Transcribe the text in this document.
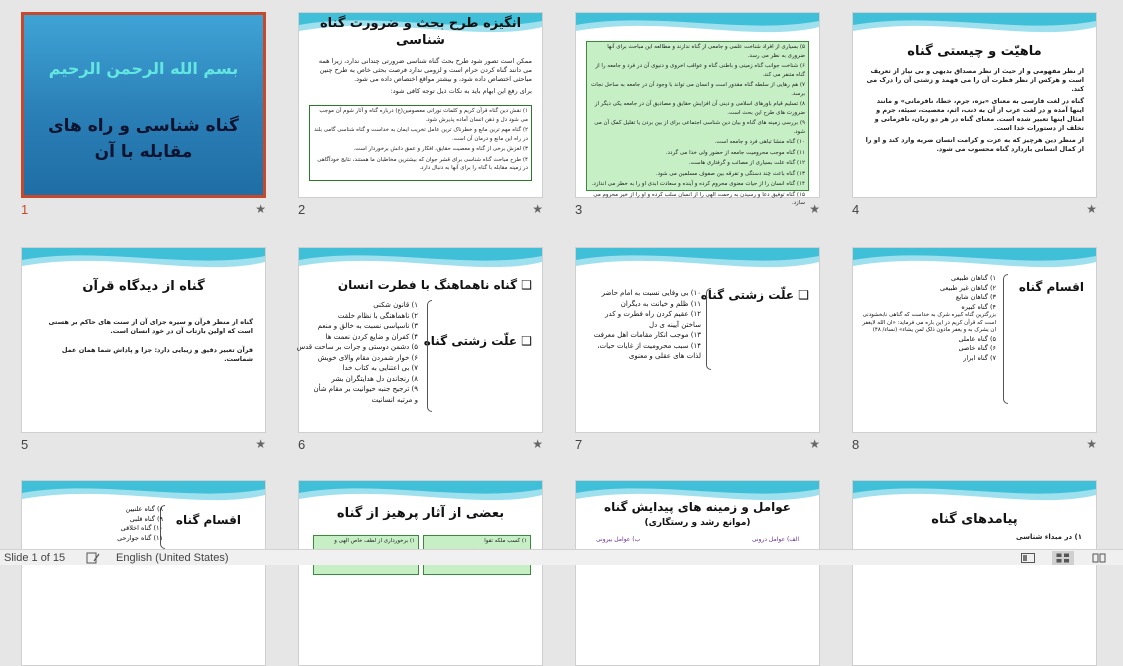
بسم الله الرحمن الرحیم
گناه شناسی و راه های
مقابله با آن
1	★
انگیزه طرح بحث و ضرورت گناه شناسی

ممکن است تصور شود طرح بحث گناه شناسی ضرورتی چندانی ندارد، زیرا همه می دانند گناه کردن حرام است و لزومی ندارد فرصت بحثی خاص به طرح چنین مباحثی اختصاص داده شود، و بیشتر مواقع اختصاص داده می شود.

برای رفع این ابهام باید به نکات ذیل توجه کافی شود:

۱) نقش دین گناه قرآن کریم و کلمات نورانی معصومین(ع) درباره گناه و آثار شوم آن موجب می شود دل و ذهن انسان آماده پذیرش شود.

۲) گناه مهم ترین مانع و خطرناک ترین عامل تخریب ایمان به خداست و گناه شناسی گامی بلند در راه این مانع و درمان آن است.

۳) لغزش برخی از گناه و معصیت حقایق، افکار و عمق دانش برخوردار است.

۴) طرح مباحث گناه شناسی برای قشر جوان که بیشترین مخاطبان ما هستند، نتایج خودآگاهی در زمینه مقابله با گناه را برای آنها به دنبال دارد.

2	★

۵) بسیاری از افراد شناخت علمی و جامعی از گناه ندارند و مطالعه این مباحث برای آنها ضروری به نظر می رسد.

۶) شناخت جوانب گناه زمینی و باطنی گناه و عواقب اخروی و دنیوی آن در فرد و جامعه را از گناه متنفر می کند.

۷) هم رهایی از سلطه گناه مقدور است و انسان می تواند با وجود آن در جامعه به ساحل نجات برسد.

۸) تسلیم قیام باورهای اسلامی و دینی آن افزایش حقایق و مصادیق آن در جامعه یکی دیگر از ضرورت های طرح این بحث است.

۹) بررسی زمینه های گناه و بیان دین شناسی اجتماعی برای از بین بردن یا تقلیل کمک آن می شود.

۱۰) گناه منشا تباهی فرد و جامعه است.

۱۱) گناه موجب محرومیت جامعه از حضور ولی خدا می گردد.

۱۲) گناه علت بسیاری از مصائب و گرفتاری هاست.

۱۳) گناه باعث چند دستگی و تفرقه بین صفوف مسلمین می شود.

۱۴) گناه انسان را از حیات معنوی محروم کرده و آینده و سعادت ابدی او را به خطر می اندازد.

۱۵) گناه توفیق دعا و رسیدن به رحمت الهی را از انسان سلب کرده و او را از خیر محروم می سازد.

3	★
ماهیّت و چیستی گناه

از نظر مفهومی و از حیث از نظر مصداق بدیهی و بی نیاز از تعریف است و هرکس از نظر فطرت آن را می فهمد و زشتی آن را درک می کند.

گناه در لغت فارسی به معنای «بزه، جرم، خطا، نافرمانی» و مانند اینها آمده و در لغت عرب از آن به ذنب، اثم، معصیت، سیئه، جرم و امثال اینها تعبیر شده است. معنای گناه در هر دو زبان، نافرمانی و تخلف از دستورات خدا است.

از منظر دین هرچیز که به عزت و کرامت انسان ضربه وارد کند و او را از کمال انسانی بازدارد گناه محسوب می شود.

4	★
گناه از دیدگاه قرآن

گناه از منظر قرآن و سیره جزای آن از سنت های حاکم بر هستی است که اولین بازتاب آن در خود انسان است.

قرآن تعبیر دقیق و زیبایی دارد: جزا و پاداش شما همان عمل شماست.

5	★
❑ گناه ناهماهنگ با فطرت انسان
❑ علّت زشتی گناه
۱) قانون شکنی
۲) ناهماهنگی با نظام خلقت
۳) ناسپاسی نسبت به خالق و منعم
۴) کفران و ضایع کردن نعمت ها
۵) دشمن دوستی و جرات بر ساحت قدس
۶) خوار شمردن مقام والای خویش
۷) بی اعتنایی به کتاب خدا
۸) رنجاندن دل هدایتگران بشر
۹) ترجیح جنبه حیوانیت بر مقام شأن و مرتبه انسانیت
6	★
❑ علّت زشتی گناه
۱۰) بی وفایی نسبت به امام حاضر
۱۱) ظلم و خیانت به دیگران
۱۲) عقیم کردن راه فطرت و کدر ساختن آیینه ی دل
۱۳) موجب انکار مقامات اهل معرفت
۱۴) سبب محرومیت از غایات حیات، لذات های عقلی و معنوی
7	★
اقسام گناه
۱) گناهان طبیعی
۲) گناهان غیر طبیعی
۳) گناهان شایع
۴) گناه کبیره
بزرگترین گناه کبیره شرک به خداست که گناهی نابخشودنی است که قرآن کریم در این باره می فرماید: «ان الله لایغفر ان یشرک به و یغفر مادون ذلک لمن یشاء» (نساء/ ۴۸)
۵) گناه عاملی
۶) گناه خاصی
۷) گناه ابرار
8	★
اقسام گناه
۸) گناه علنیین
۹) گناه قلبی
۱۰) گناه اخلاقی
۱۱) گناه جوارحی
بعضی از آثار پرهیز از گناه

۱) برخورداری از لطف خاص الهی و	۱) کسب ملکه تقوا

عوامل و زمینه های پیدایش گناه
(موانع رشد و رستگاری)
ب) عوامل بیرونی	الف) عوامل درونی
پیامدهای گناه
۱) در مبداء شناسی
Slide 1 of 15	English (United States)
